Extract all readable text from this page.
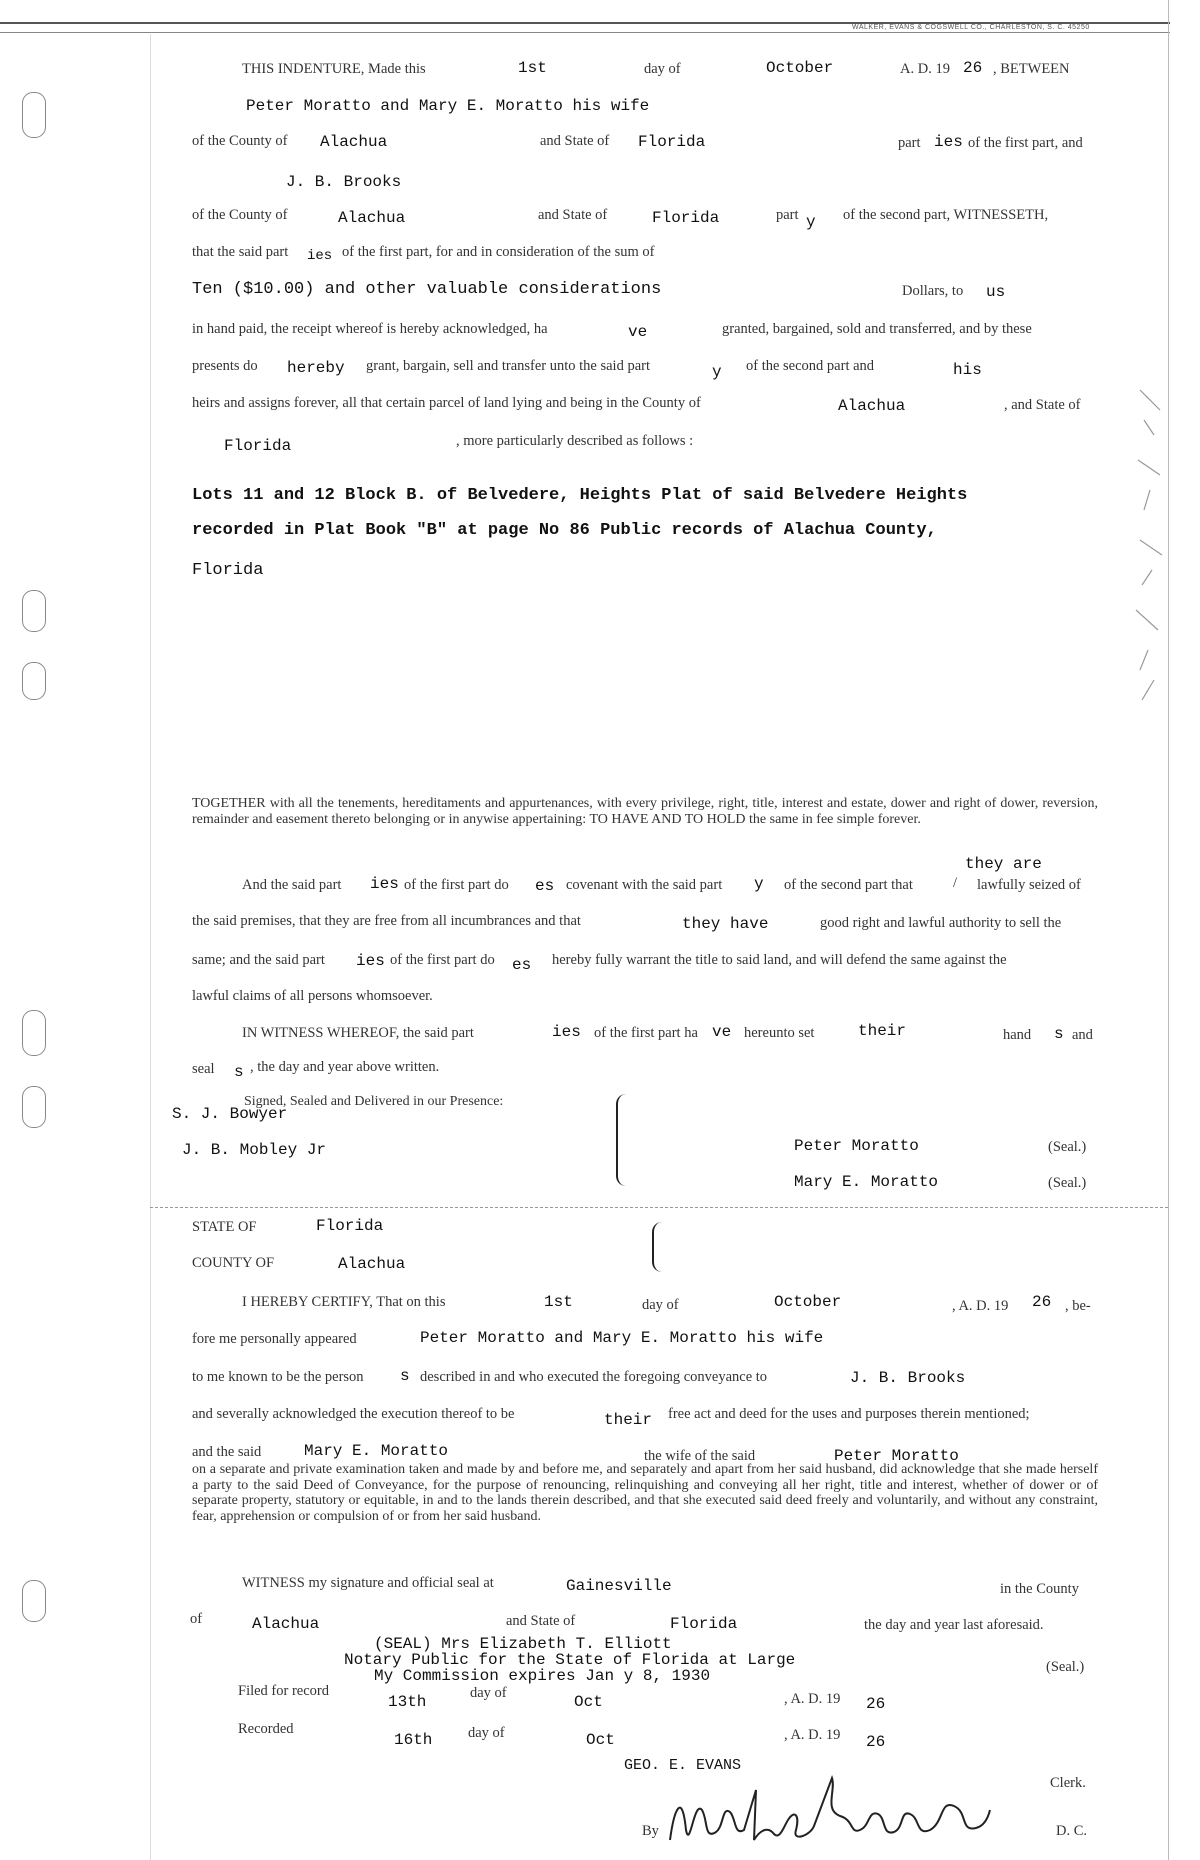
WALKER, EVANS & COGSWELL CO., CHARLESTON, S. C. 45250
THIS INDENTURE, Made this	1st	day of	October	A. D. 19 26 , BETWEEN
Peter Moratto and Mary E. Moratto his wife
of the County of Alachua	and State of Florida	part ies of the first part, and
J. B. Brooks
of the County of	Alachua	and State of	Florida	part y of the second part, WITNESSETH,
that the said part ies of the first part, for and in consideration of the sum of
Ten ($10.00) and other valuable considerations	Dollars, to us
in hand paid, the receipt whereof is hereby acknowledged, ha	ve	granted, bargained, sold and transferred, and by these
presents do hereby grant, bargain, sell and transfer unto the said part	y of the second part and	his
heirs and assigns forever, all that certain parcel of land lying and being in the County of	Alachua	, and State of
Florida	, more particularly described as follows :
Lots 11 and 12 Block B. of Belvedere, Heights Plat of said Belvedere Heights
recorded in Plat Book "B" at page No 86 Public records of Alachua County,
Florida
TOGETHER with all the tenements, hereditaments and appurtenances, with every privilege, right, title, interest and estate, dower and right of dower, reversion, remainder and easement thereto belonging or in anywise appertaining: TO HAVE AND TO HOLD the same in fee simple forever.
they are
And the said part ies of the first part do es covenant with the said part y of the second part that	/ lawfully seized of
the said premises, that they are free from all incumbrances and that	they have	good right and lawful authority to sell the
same; and the said part ies of the first part do es hereby fully warrant the title to said land, and will defend the same against the
lawful claims of all persons whomsoever.
IN WITNESS WHEREOF, the said part	ies of the first part ha ve hereunto set	their	hand s and
seal s , the day and year above written.
Signed, Sealed and Delivered in our Presence:
S. J. Bowyer
J. B. Mobley Jr	Peter Moratto	(Seal.)
Mary E. Moratto	(Seal.)
STATE OF	Florida
COUNTY OF	Alachua
I HEREBY CERTIFY, That on this	1st	day of	October	, A. D. 19 26 , be-
fore me personally appeared	Peter Moratto and Mary E. Moratto his wife
to me known to be the person s described in and who executed the foregoing conveyance to	J. B. Brooks
and severally acknowledged the execution thereof to be	their free act and deed for the uses and purposes therein mentioned;
and the said	Mary E. Moratto	the wife of the said	Peter Moratto
on a separate and private examination taken and made by and before me, and separately and apart from her said husband, did acknowledge that she made herself a party to the said Deed of Conveyance, for the purpose of renouncing, relinquishing and conveying all her right, title and interest, whether of dower or of separate property, statutory or equitable, in and to the lands therein described, and that she executed said deed freely and voluntarily, and without any constraint, fear, apprehension or compulsion of or from her said husband.
WITNESS my signature and official seal at	Gainesville	in the County
of	Alachua	and State of	Florida	the day and year last aforesaid.
(SEAL) Mrs Elizabeth T. Elliott
Notary Public for the State of Florida at Large
My Commission expires Jan y 8, 1930	(Seal.)
Filed for record
13th	day of	Oct	, A. D. 19 26
Recorded
16th day of	Oct	, A. D. 19 26
GEO. E. EVANS
Clerk.
By	D. C.
